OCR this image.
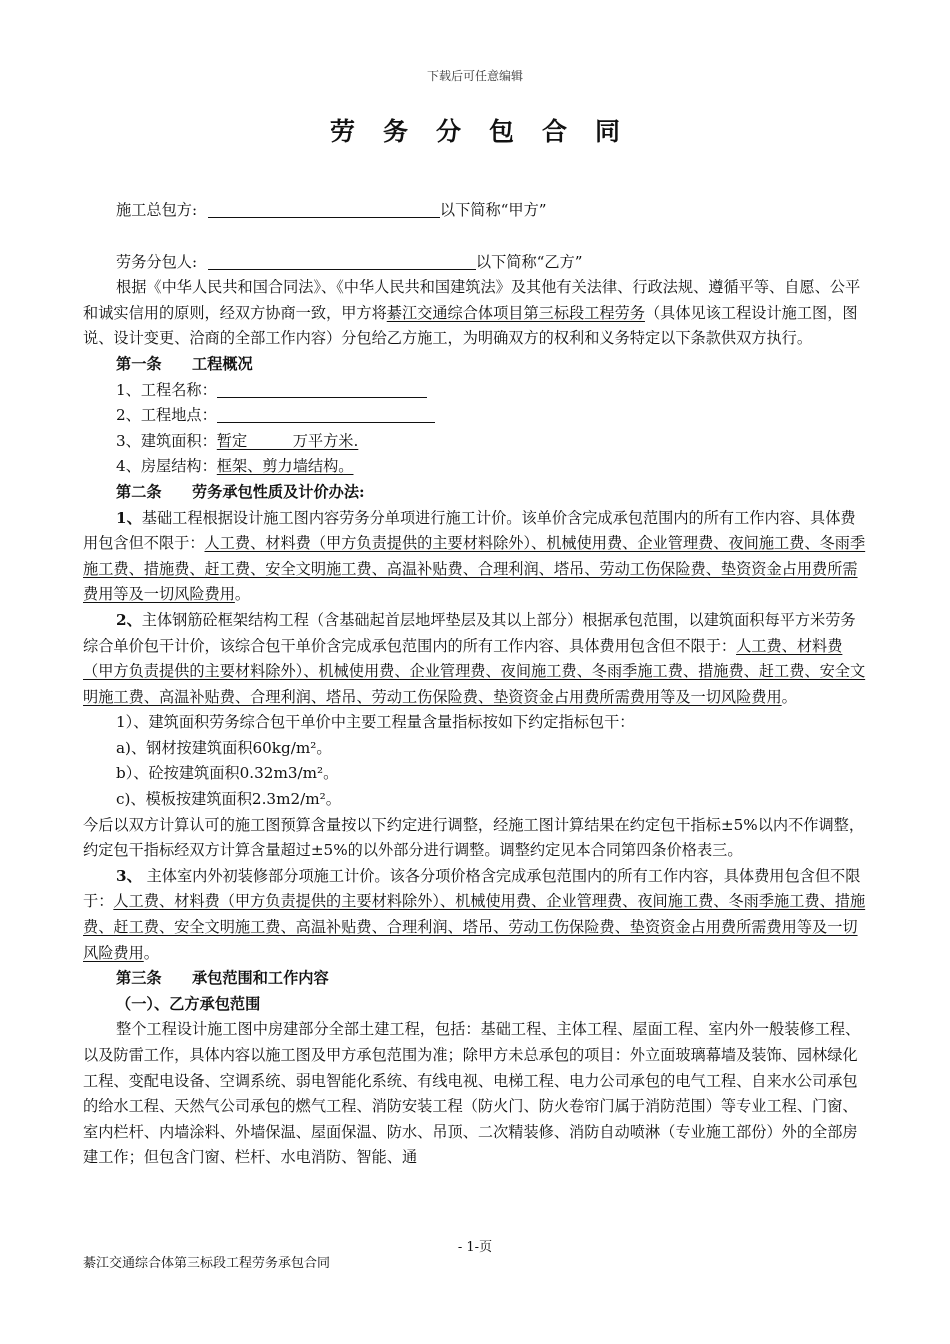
下载后可任意编辑
劳务分包合同

施工总包方:	以下简称“甲方”

劳务分包人:	以下简称“乙方”

根据《中华人民共和国合同法》、《中华人民共和国建筑法》及其他有关法律、行政法规、遵循平等、自愿、公平和诚实信用的原则，经双方协商一致，甲方将綦江交通综合体项目第三标段工程劳务（具体见该工程设计施工图，图说、设计变更、洽商的全部工作内容）分包给乙方施工，为明确双方的权利和义务特定以下条款供双方执行。

第一条　　工程概况

1、工程名称：

2、工程地点：

3、建筑面积：暂定　　　万平方米.

4、房屋结构：框架、剪力墙结构。

第二条　　劳务承包性质及计价办法:

1、基础工程根据设计施工图内容劳务分单项进行施工计价。该单价含完成承包范围内的所有工作内容、具体费用包含但不限于：人工费、材料费（甲方负责提供的主要材料除外）、机械使用费、企业管理费、夜间施工费、冬雨季施工费、措施费、赶工费、安全文明施工费、高温补贴费、合理利润、塔吊、劳动工伤保险费、垫资资金占用费所需费用等及一切风险费用。

2、主体钢筋砼框架结构工程（含基础起首层地坪垫层及其以上部分）根据承包范围，以建筑面积每平方米劳务综合单价包干计价，该综合包干单价含完成承包范围内的所有工作内容、具体费用包含但不限于：人工费、材料费（甲方负责提供的主要材料除外）、机械使用费、企业管理费、夜间施工费、冬雨季施工费、措施费、赶工费、安全文明施工费、高温补贴费、合理利润、塔吊、劳动工伤保险费、垫资资金占用费所需费用等及一切风险费用。

1）、建筑面积劳务综合包干单价中主要工程量含量指标按如下约定指标包干：

a)、钢材按建筑面积60kg/m²。

b）、砼按建筑面积0.32m3/m²。

c)、模板按建筑面积2.3m2/m²。

今后以双方计算认可的施工图预算含量按以下约定进行调整，经施工图计算结果在约定包干指标±5%以内不作调整，约定包干指标经双方计算含量超过±5%的以外部分进行调整。调整约定见本合同第四条价格表三。

3、 主体室内外初装修部分项施工计价。该各分项价格含完成承包范围内的所有工作内容，具体费用包含但不限于：人工费、材料费（甲方负责提供的主要材料除外）、机械使用费、企业管理费、夜间施工费、冬雨季施工费、措施费、赶工费、安全文明施工费、高温补贴费、合理利润、塔吊、劳动工伤保险费、垫资资金占用费所需费用等及一切风险费用。

第三条　　承包范围和工作内容

（一）、乙方承包范围

整个工程设计施工图中房建部分全部土建工程，包括：基础工程、主体工程、屋面工程、室内外一般装修工程、以及防雷工作，具体内容以施工图及甲方承包范围为准；除甲方未总承包的项目：外立面玻璃幕墙及装饰、园林绿化工程、变配电设备、空调系统、弱电智能化系统、有线电视、电梯工程、电力公司承包的电气工程、自来水公司承包的给水工程、天然气公司承包的燃气工程、消防安装工程（防火门、防火卷帘门属于消防范围）等专业工程、门窗、室内栏杆、内墙涂料、外墙保温、屋面保温、防水、吊顶、二次精装修、消防自动喷淋（专业施工部份）外的全部房建工作；但包含门窗、栏杆、水电消防、智能、通

- 1-页
綦江交通综合体第三标段工程劳务承包合同
